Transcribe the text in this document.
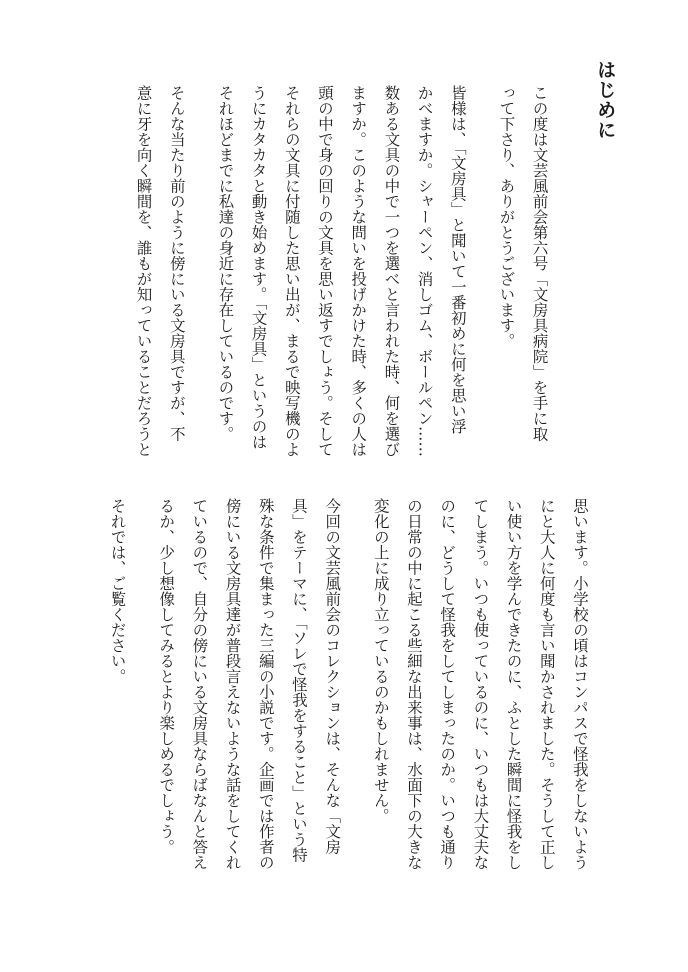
はじめに
この度は文芸風前会第六号「文房具病院」を手に取
って下さり、ありがとうございます。
皆様は、「文房具」と聞いて一番初めに何を思い浮
かべますか。シャーペン、消しゴム、ボールペン……
数ある文具の中で一つを選べと言われた時、何を選び
ますか。このような問いを投げかけた時、多くの人は
頭の中で身の回りの文具を思い返すでしょう。そして
それらの文具に付随した思い出が、まるで映写機のよ
うにカタカタと動き始めます。「文房具」というのは
それほどまでに私達の身近に存在しているのです。
そんな当たり前のように傍にいる文房具ですが、不
意に牙を向く瞬間を、誰もが知っていることだろうと
思います。小学校の頃はコンパスで怪我をしないよう
にと大人に何度も言い聞かされました。そうして正し
い使い方を学んできたのに、ふとした瞬間に怪我をし
てしまう。いつも使っているのに、いつもは大丈夫な
のに、どうして怪我をしてしまったのか。いつも通り
の日常の中に起こる些細な出来事は、水面下の大きな
変化の上に成り立っているのかもしれません。
今回の文芸風前会のコレクションは、そんな「文房
具」をテーマに、「ソレで怪我をすること」という特
殊な条件で集まった三編の小説です。企画では作者の
傍にいる文房具達が普段言えないような話をしてくれ
ているので、自分の傍にいる文房具ならばなんと答え
るか、少し想像してみるとより楽しめるでしょう。
それでは、ご覧ください。
